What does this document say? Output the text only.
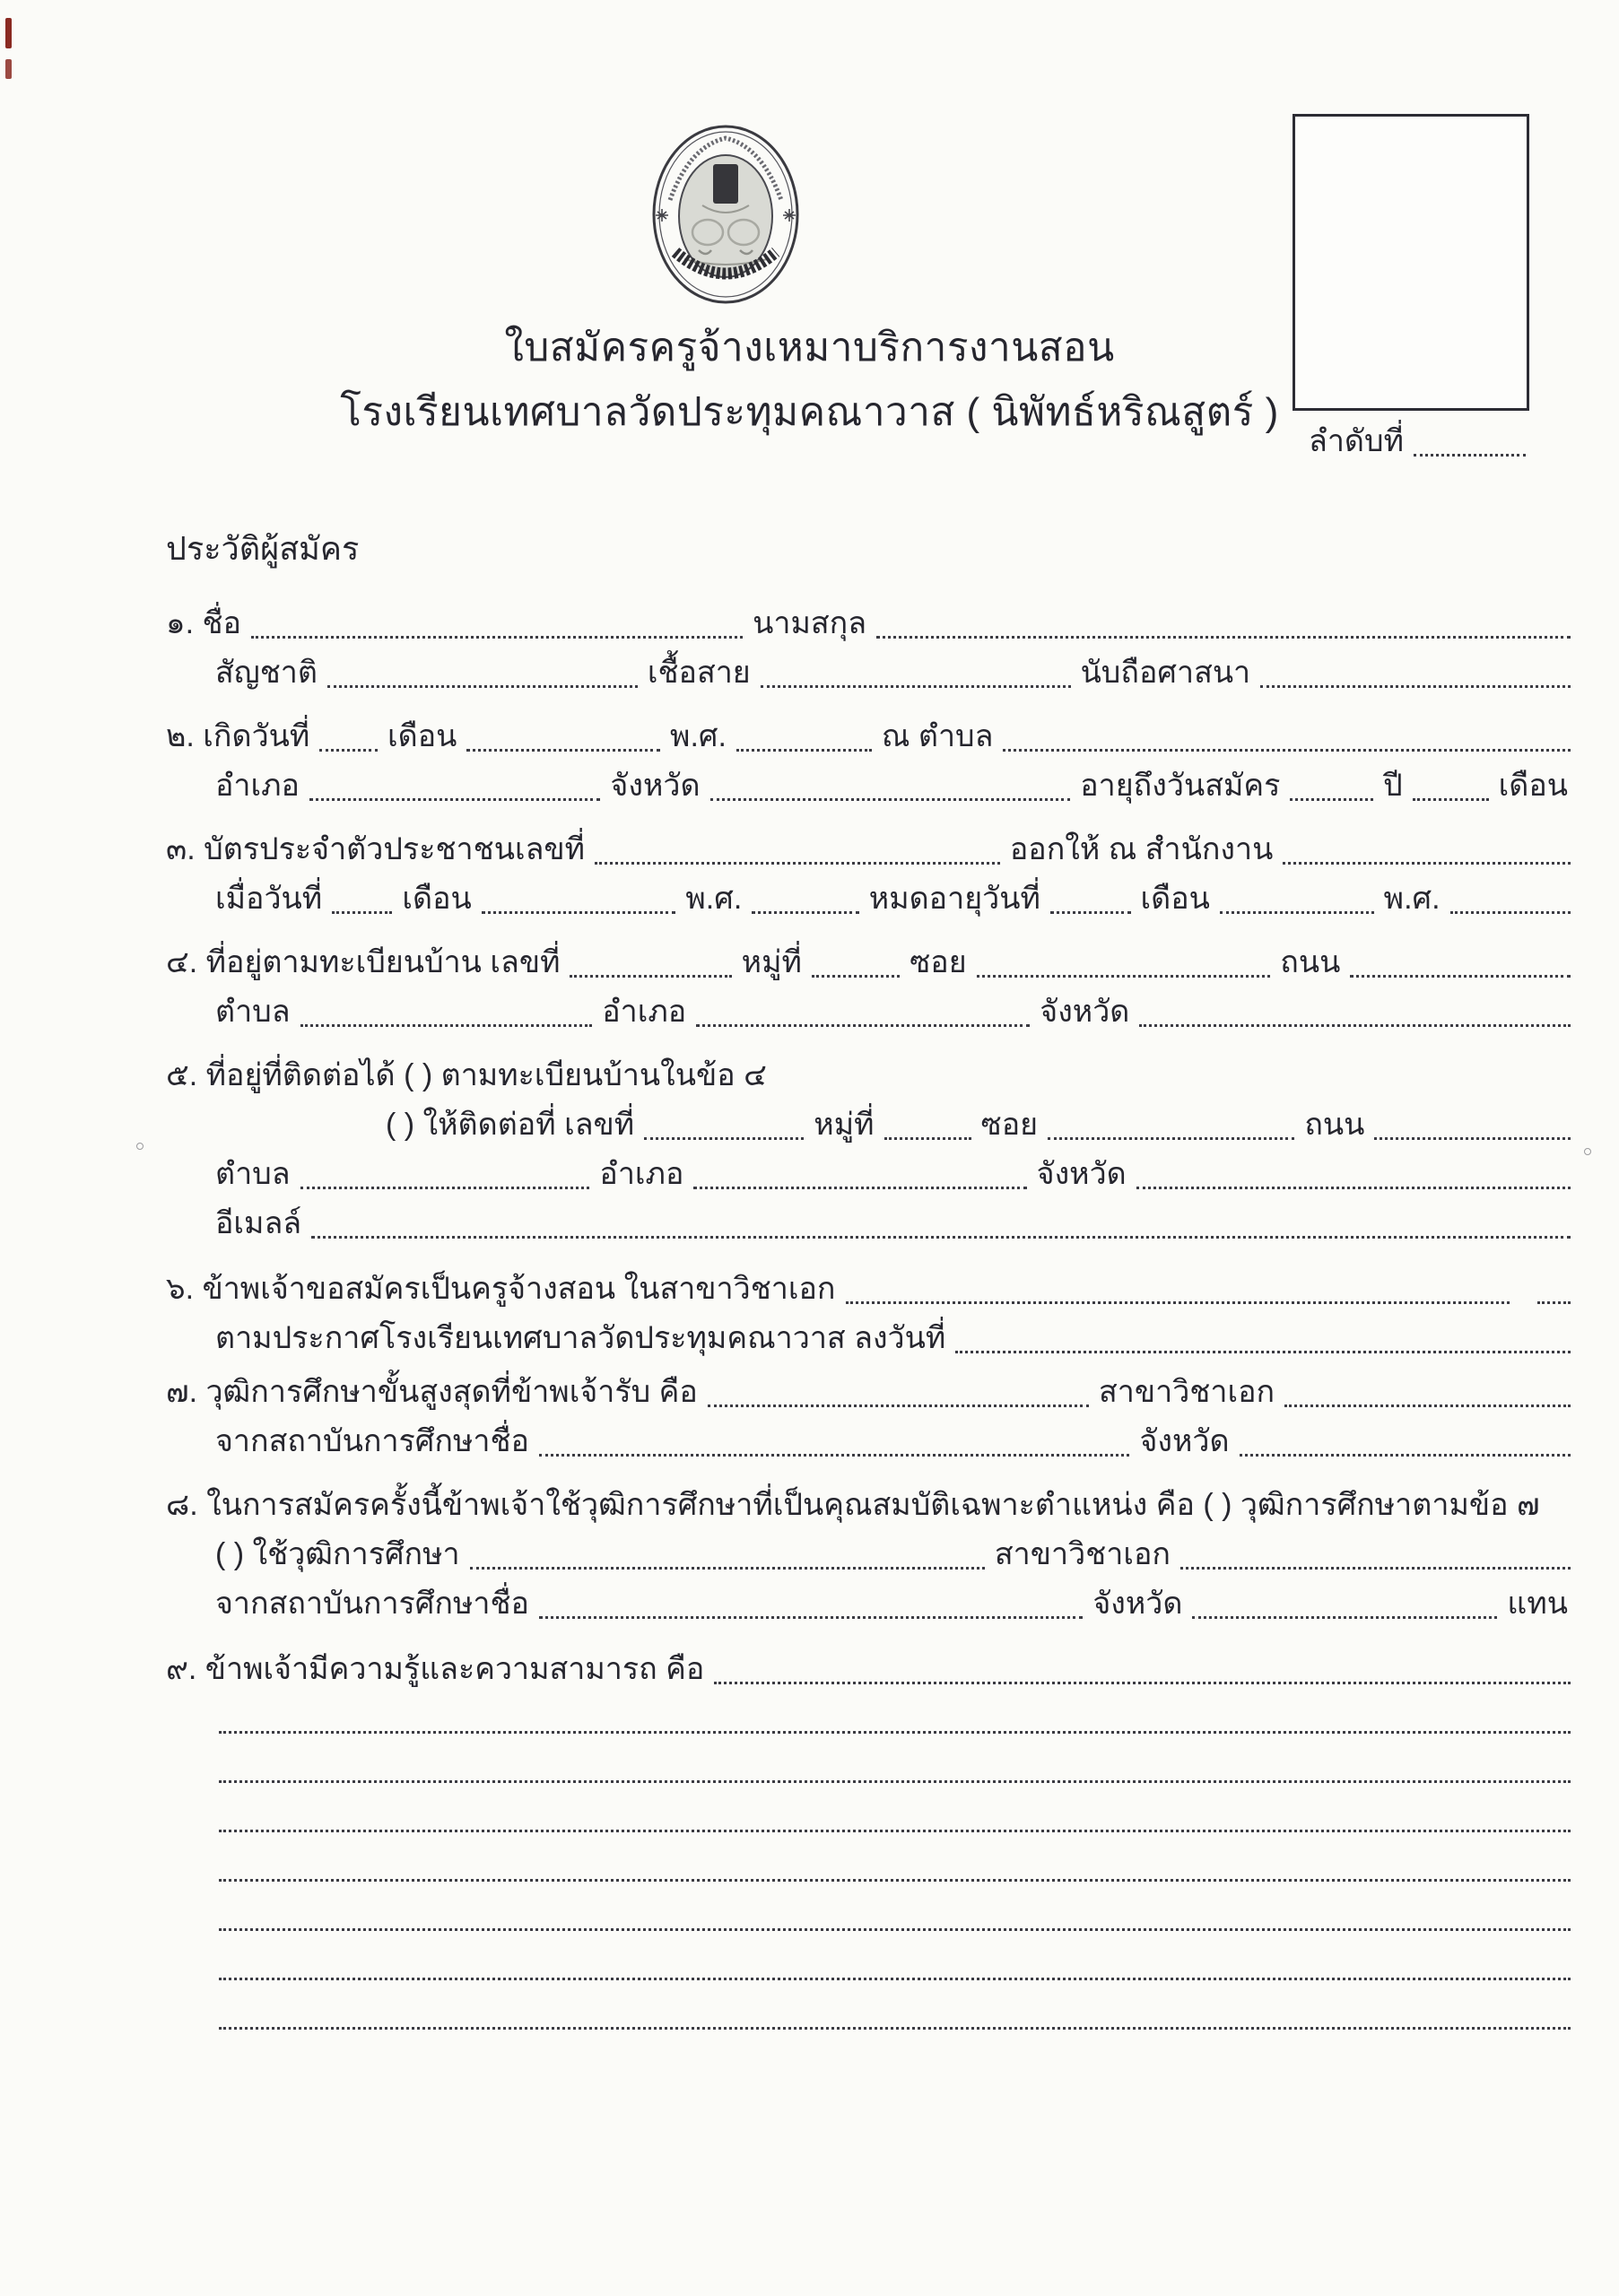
ลำดับที่
ใบสมัครครูจ้างเหมาบริการงานสอน
โรงเรียนเทศบาลวัดประทุมคณาวาส ( นิพัทธ์หริณสูตร์ )
ประวัติผู้สมัคร
๑. ชื่อ	นามสกุล
สัญชาติ	เชื้อสาย	นับถือศาสนา
๒. เกิดวันที่	เดือน	พ.ศ.	ณ ตำบล
อำเภอ	จังหวัด	อายุถึงวันสมัคร	ปี	เดือน
๓. บัตรประจำตัวประชาชนเลขที่	ออกให้ ณ สำนักงาน
เมื่อวันที่	เดือน	พ.ศ.	หมดอายุวันที่	เดือน	พ.ศ.
๔. ที่อยู่ตามทะเบียนบ้าน เลขที่	หมู่ที่	ซอย	ถนน
ตำบล	อำเภอ	จังหวัด
๕. ที่อยู่ที่ติดต่อได้ ( ) ตามทะเบียนบ้านในข้อ ๔
( ) ให้ติดต่อที่ เลขที่	หมู่ที่	ซอย	ถนน
ตำบล	อำเภอ	จังหวัด
อีเมลล์
๖. ข้าพเจ้าขอสมัครเป็นครูจ้างสอน ในสาขาวิชาเอก

ตามประกาศโรงเรียนเทศบาลวัดประทุมคณาวาส ลงวันที่
๗. วุฒิการศึกษาขั้นสูงสุดที่ข้าพเจ้ารับ คือ	สาขาวิชาเอก
จากสถาบันการศึกษาชื่อ	จังหวัด
๘. ในการสมัครครั้งนี้ข้าพเจ้าใช้วุฒิการศึกษาที่เป็นคุณสมบัติเฉพาะตำแหน่ง คือ ( ) วุฒิการศึกษาตามข้อ ๗
( ) ใช้วุฒิการศึกษา	สาขาวิชาเอก
จากสถาบันการศึกษาชื่อ	จังหวัด	แทน
๙. ข้าพเจ้ามีความรู้และความสามารถ คือ
